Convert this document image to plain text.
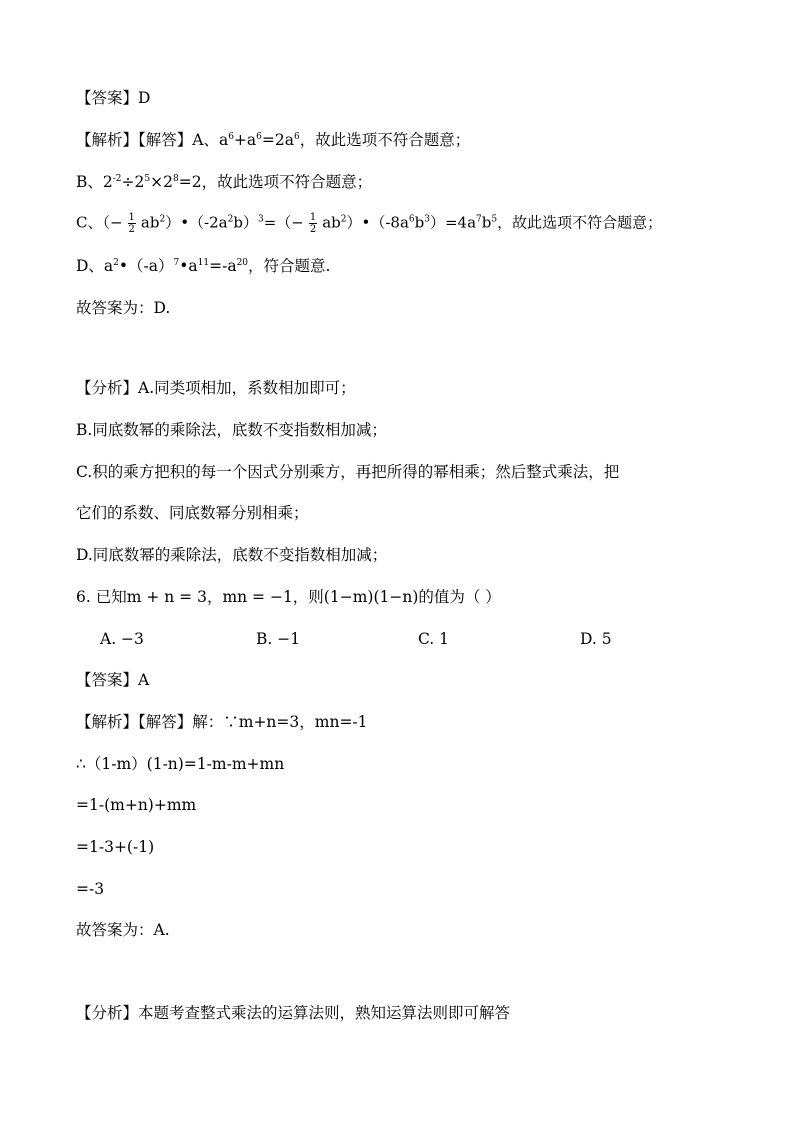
【答案】D
【解析】【解答】A、$a^6+a^6=2a^6$，故此选项不符合题意；
B、$2^{-2}\div 2^5\times 2^8=2$，故此选项不符合题意；
C、（− $\frac{1}{2}$ $ab^2)•(-2a^2b)^3=(- \frac{1}{2}$ $ab^2)•(-8a^6b^3)=4a^7b^5$，故此选项不符合题意；
D、$a^2•(-a)^7•a^{11}=-a^{20}$，符合题意.
故答案为：D.
【分析】A.同类项相加，系数相加即可；
B.同底数幂的乘除法，底数不变指数相加减；
C.积的乘方把积的每一个因式分别乘方，再把所得的幂相乘；然后整式乘法，把
它们的系数、同底数幂分别相乘；
D.同底数幂的乘除法，底数不变指数相加减；
6. 已知m + n = 3，mn = −1，则(1−m)(1−n)的值为（ ）
A. −3	B. −1	C. 1	D. 5
【答案】A
【解析】【解答】解：∵m+n=3，mn=-1
∴（1-m）(1-n)=1-m-m+mn
=1-(m+n)+mm
=1-3+(-1)
=-3
故答案为：A.
【分析】本题考查整式乘法的运算法则，熟知运算法则即可解答
